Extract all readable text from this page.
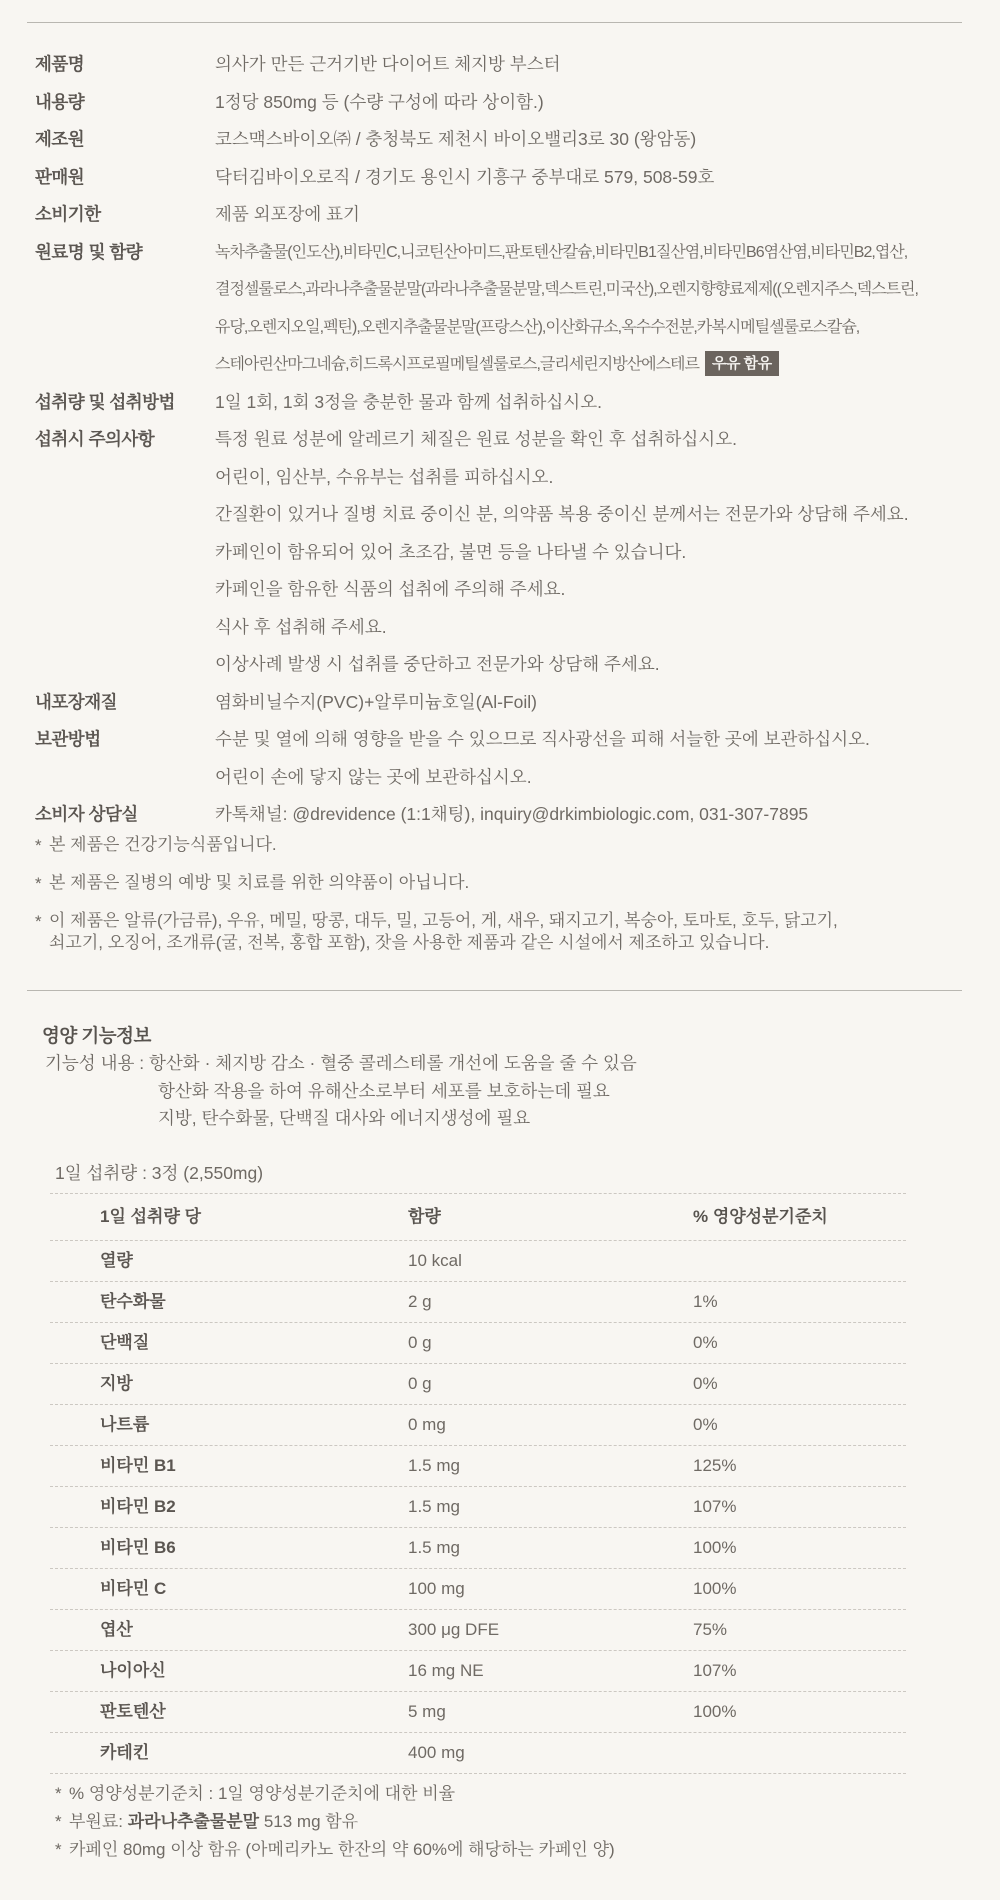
제품명	의사가 만든 근거기반 다이어트 체지방 부스터
내용량	1정당 850mg 등 (수량 구성에 따라 상이함.)
제조원	코스맥스바이오㈜ / 충청북도 제천시 바이오밸리3로 30 (왕암동)
판매원	닥터김바이오로직 / 경기도 용인시 기흥구 중부대로 579, 508-59호
소비기한	제품 외포장에 표기
원료명 및 함량	녹차추출물(인도산),비타민C,니코틴산아미드,판토텐산칼슘,비타민B1질산염,비타민B6염산염,비타민B2,엽산,
결정셀룰로스,과라나추출물분말(과라나추출물분말,덱스트린,미국산),오렌지향향료제제((오렌지주스,덱스트린,
유당,오렌지오일,펙틴),오렌지추출물분말(프랑스산),이산화규소,옥수수전분,카복시메틸셀룰로스칼슘,
스테아린산마그네슘,히드록시프로필메틸셀룰로스,글리세린지방산에스테르 우유 함유
섭취량 및 섭취방법	1일 1회, 1회 3정을 충분한 물과 함께 섭취하십시오.
섭취시 주의사항	특정 원료 성분에 알레르기 체질은 원료 성분을 확인 후 섭취하십시오.
어린이, 임산부, 수유부는 섭취를 피하십시오.
간질환이 있거나 질병 치료 중이신 분, 의약품 복용 중이신 분께서는 전문가와 상담해 주세요.
카페인이 함유되어 있어 초조감, 불면 등을 나타낼 수 있습니다.
카페인을 함유한 식품의 섭취에 주의해 주세요.
식사 후 섭취해 주세요.
이상사례 발생 시 섭취를 중단하고 전문가와 상담해 주세요.
내포장재질	염화비닐수지(PVC)+알루미늄호일(Al-Foil)
보관방법	수분 및 열에 의해 영향을 받을 수 있으므로 직사광선을 피해 서늘한 곳에 보관하십시오.
어린이 손에 닿지 않는 곳에 보관하십시오.
소비자 상담실	카톡채널: @drevidence (1:1채팅), inquiry@drkimbiologic.com, 031-307-7895
* 본 제품은 건강기능식품입니다.
* 본 제품은 질병의 예방 및 치료를 위한 의약품이 아닙니다.
* 이 제품은 알류(가금류), 우유, 메밀, 땅콩, 대두, 밀, 고등어, 게, 새우, 돼지고기, 복숭아, 토마토, 호두, 닭고기,
쇠고기, 오징어, 조개류(굴, 전복, 홍합 포함), 잣을 사용한 제품과 같은 시설에서 제조하고 있습니다.
영양 기능정보
기능성 내용 : 항산화 · 체지방 감소 · 혈중 콜레스테롤 개선에 도움을 줄 수 있음
항산화 작용을 하여 유해산소로부터 세포를 보호하는데 필요
지방, 탄수화물, 단백질 대사와 에너지생성에 필요
1일 섭취량 : 3정 (2,550mg)
1일 섭취량 당	함량	% 영양성분기준치
열량	10 kcal
탄수화물	2 g	1%
단백질	0 g	0%
지방	0 g	0%
나트륨	0 mg	0%
비타민 B1	1.5 mg	125%
비타민 B2	1.5 mg	107%
비타민 B6	1.5 mg	100%
비타민 C	100 mg	100%
엽산	300 μg DFE	75%
나이아신	16 mg NE	107%
판토텐산	5 mg	100%
카테킨	400 mg
* % 영양성분기준치 : 1일 영양성분기준치에 대한 비율
* 부원료: 과라나추출물분말 513 mg 함유
* 카페인 80mg 이상 함유 (아메리카노 한잔의 약 60%에 해당하는 카페인 양)
